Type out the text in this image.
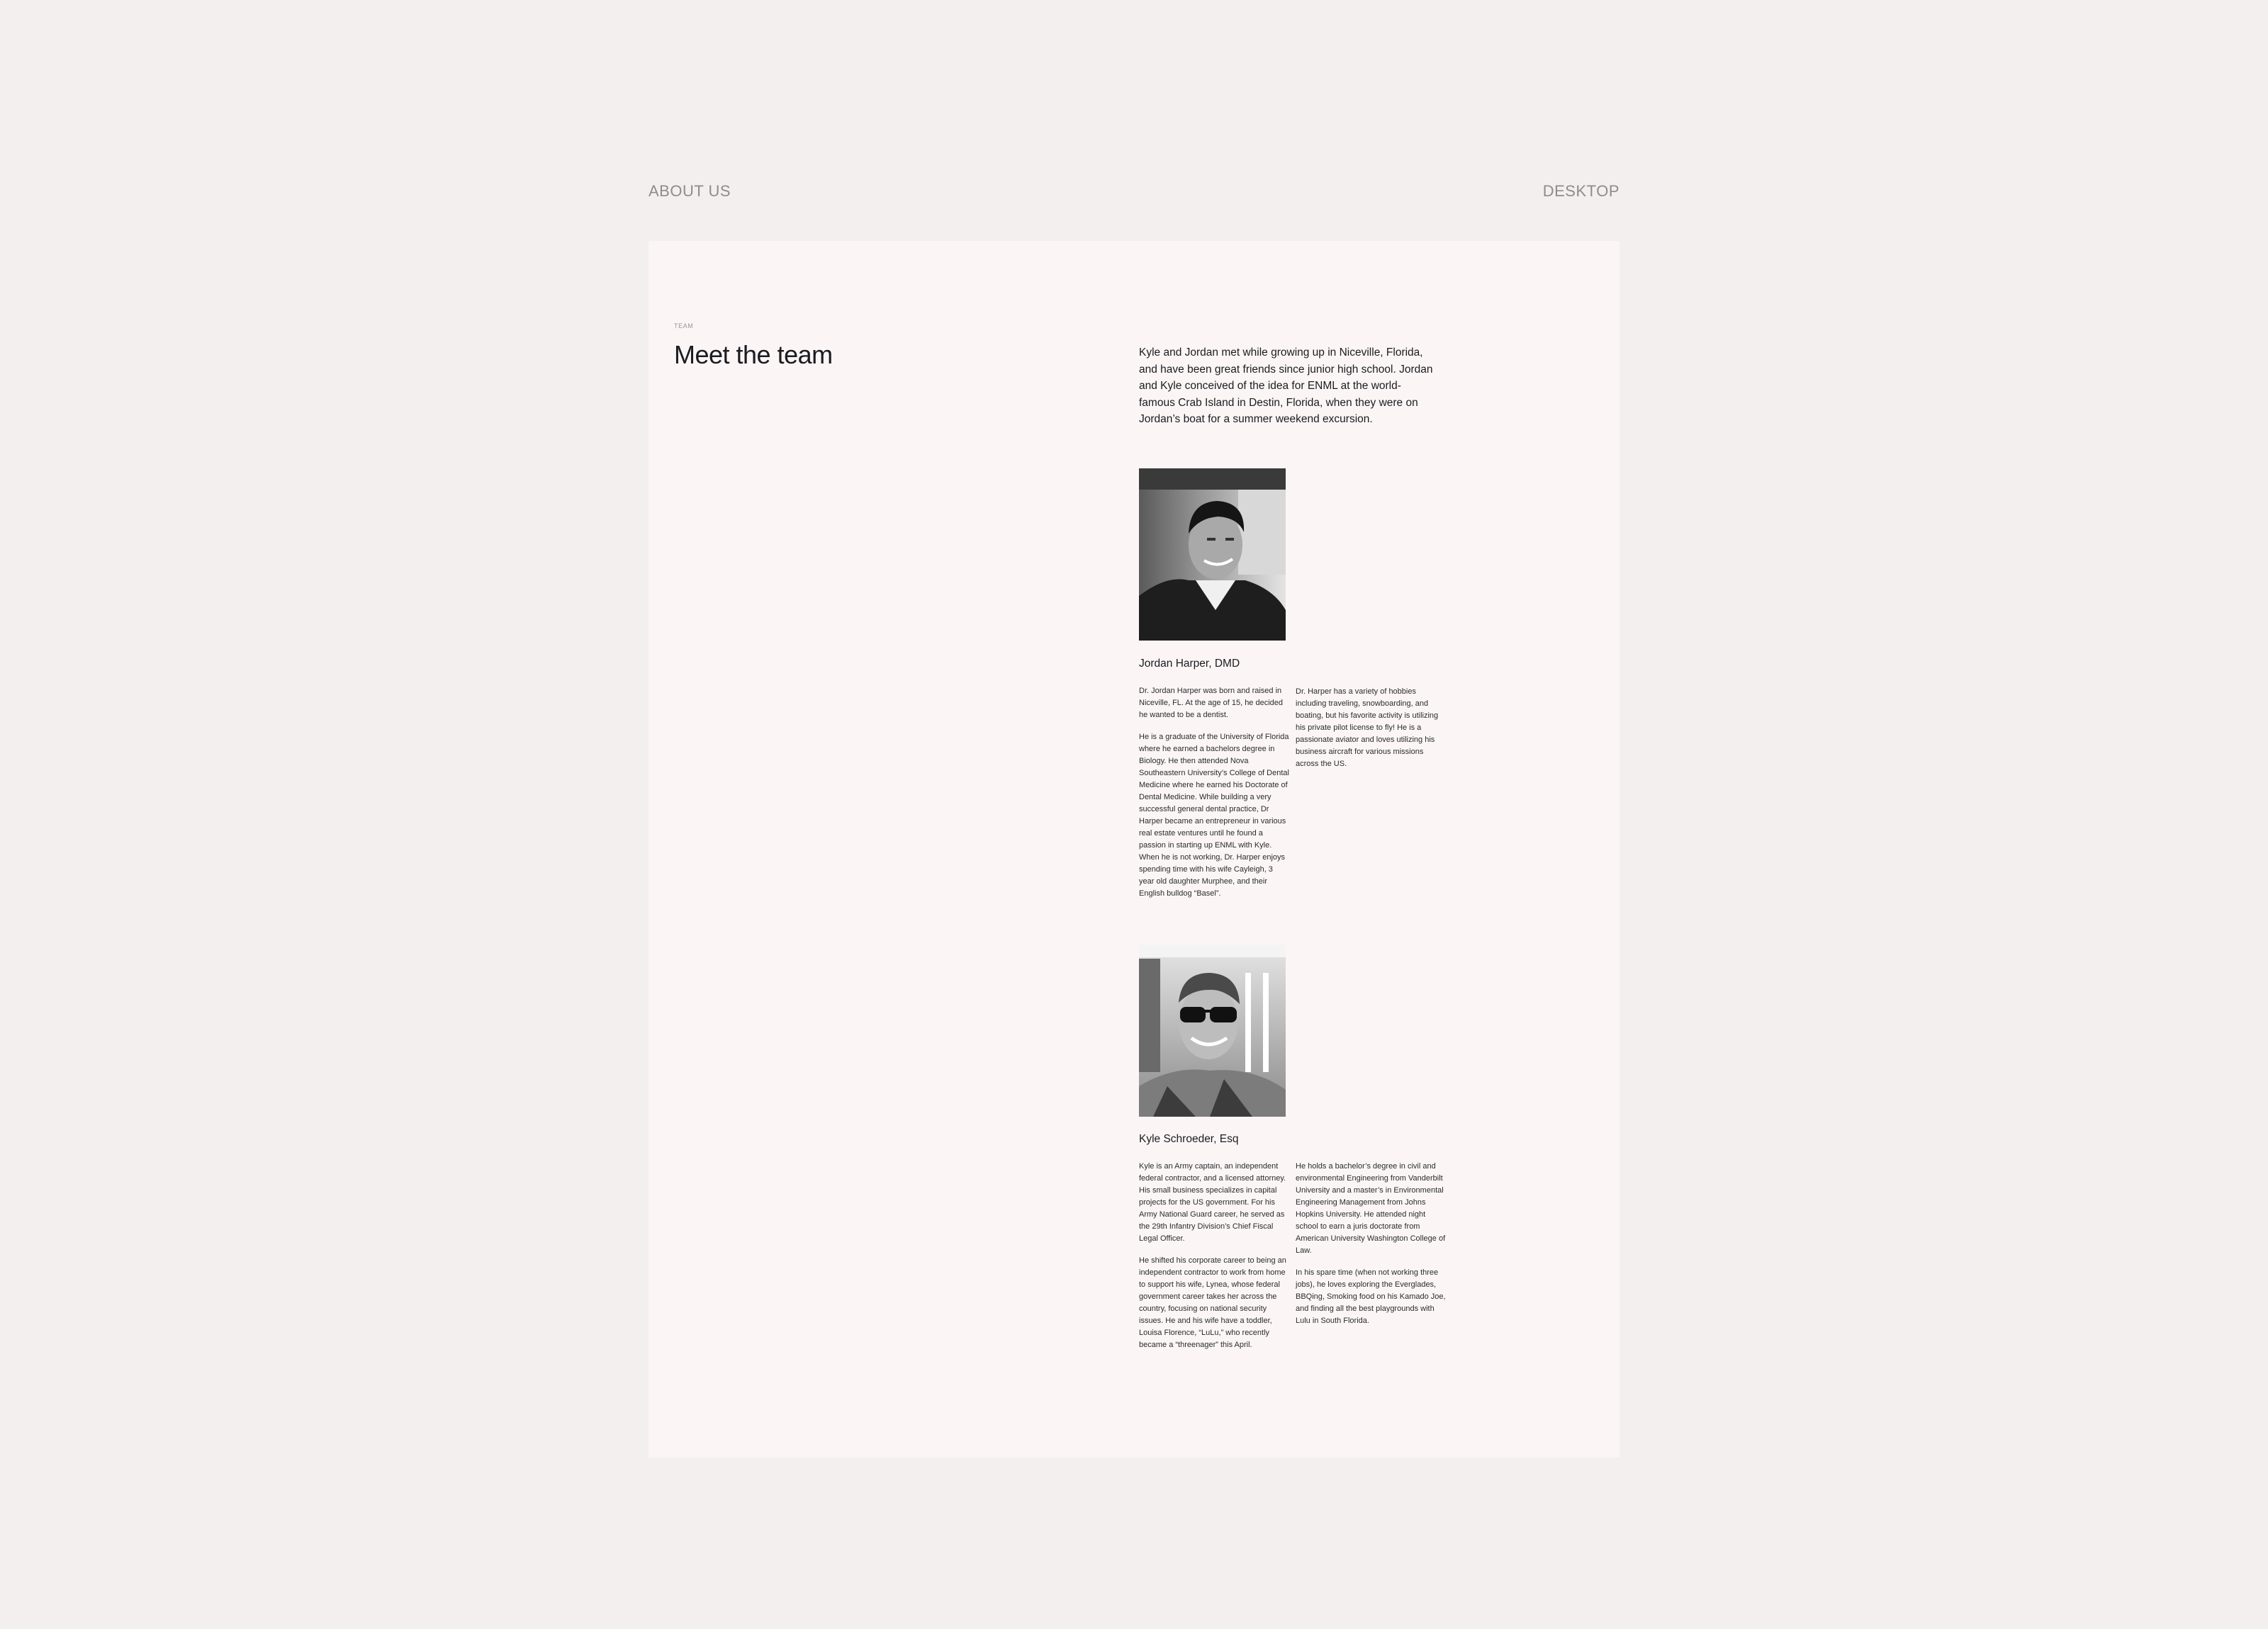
ABOUT US	DESKTOP
TEAM
Meet the team	Kyle and Jordan met while growing up in Niceville, Florida, and have been great friends since junior high school. Jordan and Kyle conceived of the idea for ENML at the world-famous Crab Island in Destin, Florida, when they were on Jordan’s boat for a summer weekend excursion.

Jordan Harper, DMD

Dr. Jordan Harper was born and raised in Niceville, FL. At the age of 15, he decided he wanted to be a dentist.

He is a graduate of the University of Florida where he earned a bachelors degree in Biology. He then attended Nova Southeastern University’s College of Dental Medicine where he earned his Doctorate of Dental Medicine. While building a very successful general dental practice, Dr Harper became an entrepreneur in various real estate ventures until he found a passion in starting up ENML with Kyle. When he is not working, Dr. Harper enjoys spending time with his wife Cayleigh, 3 year old daughter Murphee, and their English bulldog “Basel”.

Dr. Harper has a variety of hobbies including traveling, snowboarding, and boating, but his favorite activity is utilizing his private pilot license to fly! He is a passionate aviator and loves utilizing his business aircraft for various missions across the US.

Kyle Schroeder, Esq

Kyle is an Army captain, an independent federal contractor, and a licensed attorney. His small business specializes in capital projects for the US government. For his Army National Guard career, he served as the 29th Infantry Division’s Chief Fiscal Legal Officer.

He shifted his corporate career to being an independent contractor to work from home to support his wife, Lynea, whose federal government career takes her across the country, focusing on national security issues. He and his wife have a toddler, Louisa Florence, “LuLu,” who recently became a “threenager” this April.

He holds a bachelor’s degree in civil and environmental Engineering from Vanderbilt University and a master’s in Environmental Engineering Management from Johns Hopkins University. He attended night school to earn a juris doctorate from American University Washington College of Law.

In his spare time (when not working three jobs), he loves exploring the Everglades, BBQing, Smoking food on his Kamado Joe, and finding all the best playgrounds with Lulu in South Florida.
